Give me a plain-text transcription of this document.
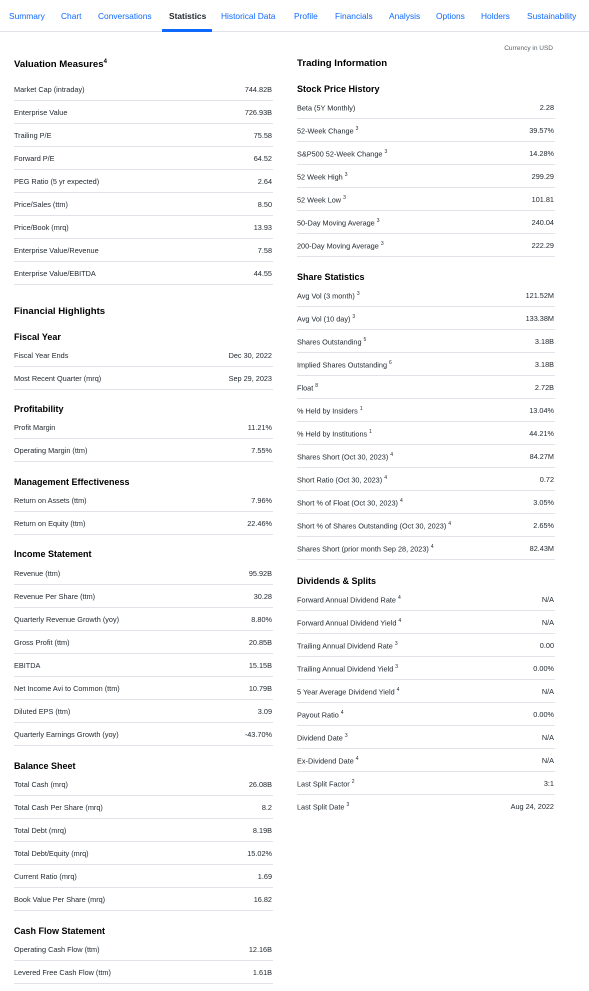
Summary Chart Conversations Statistics Historical Data Profile Financials Analysis Options Holders Sustainability
Currency in USD
Valuation Measures$^4$
Market Cap (intraday)	744.82B
Enterprise Value	726.93B
Trailing P/E	75.58
Forward P/E	64.52
PEG Ratio (5 yr expected)	2.64
Price/Sales (ttm)	8.50
Price/Book (mrq)	13.93
Enterprise Value/Revenue	7.58
Enterprise Value/EBITDA	44.55
Financial Highlights
Fiscal Year
Fiscal Year Ends	Dec 30, 2022
Most Recent Quarter (mrq)	Sep 29, 2023
Profitability
Profit Margin	11.21%
Operating Margin (ttm)	7.55%
Management Effectiveness
Return on Assets (ttm)	7.96%
Return on Equity (ttm)	22.46%
Income Statement
Revenue (ttm)	95.92B
Revenue Per Share (ttm)	30.28
Quarterly Revenue Growth (yoy)	8.80%
Gross Profit (ttm)	20.85B
EBITDA	15.15B
Net Income Avi to Common (ttm)	10.79B
Diluted EPS (ttm)	3.09
Quarterly Earnings Growth (yoy)	-43.70%
Balance Sheet
Total Cash (mrq)	26.08B
Total Cash Per Share (mrq)	8.2
Total Debt (mrq)	8.19B
Total Debt/Equity (mrq)	15.02%
Current Ratio (mrq)	1.69
Book Value Per Share (mrq)	16.82
Cash Flow Statement
Operating Cash Flow (ttm)	12.16B
Levered Free Cash Flow (ttm)	1.61B
Trading Information
Stock Price History
Beta (5Y Monthly)	2.28
52-Week Change $^3$	39.57%
S&P500 52-Week Change $^3$	14.28%
52 Week High $^3$	299.29
52 Week Low $^3$	101.81
50-Day Moving Average $^3$	240.04
200-Day Moving Average $^3$	222.29
Share Statistics
Avg Vol (3 month) $^3$	121.52M
Avg Vol (10 day) $^3$	133.38M
Shares Outstanding $^5$	3.18B
Implied Shares Outstanding $^6$	3.18B
Float $^8$	2.72B
% Held by Insiders $^1$	13.04%
% Held by Institutions $^1$	44.21%
Shares Short (Oct 30, 2023) $^4$	84.27M
Short Ratio (Oct 30, 2023) $^4$	0.72
Short % of Float (Oct 30, 2023) $^4$	3.05%
Short % of Shares Outstanding (Oct 30, 2023) $^4$	2.65%
Shares Short (prior month Sep 28, 2023) $^4$	82.43M
Dividends & Splits
Forward Annual Dividend Rate $^4$	N/A
Forward Annual Dividend Yield $^4$	N/A
Trailing Annual Dividend Rate $^3$	0.00
Trailing Annual Dividend Yield $^3$	0.00%
5 Year Average Dividend Yield $^4$	N/A
Payout Ratio $^4$	0.00%
Dividend Date $^3$	N/A
Ex-Dividend Date $^4$	N/A
Last Split Factor $^2$	3:1
Last Split Date $^3$	Aug 24, 2022
